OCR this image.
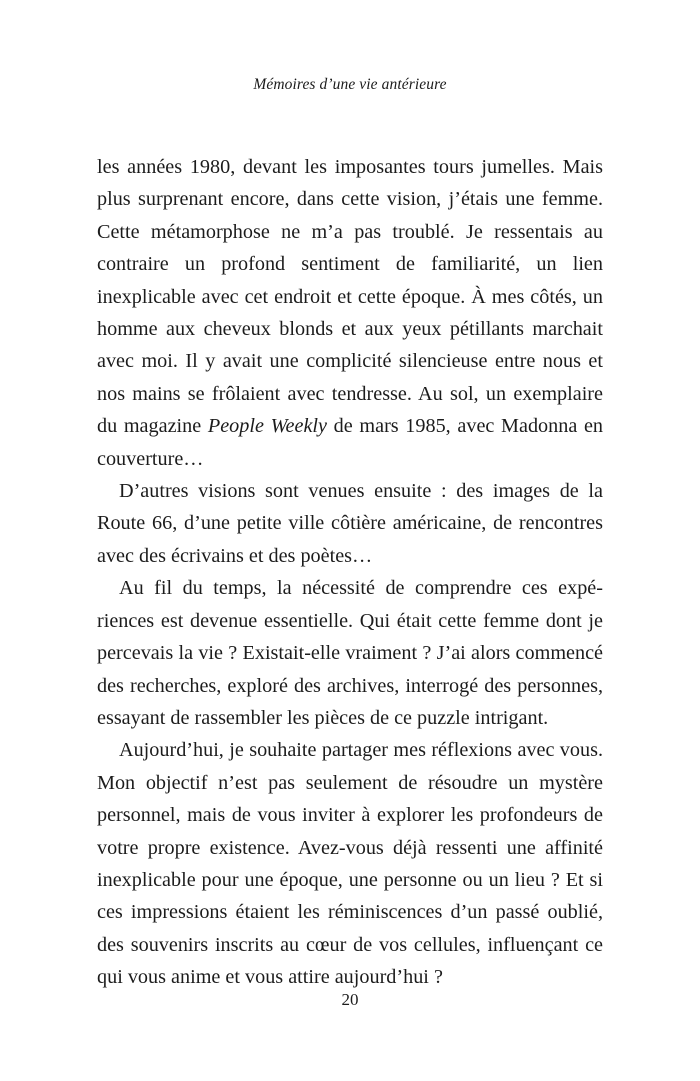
Mémoires d’une vie antérieure

les années 1980, devant les imposantes tours jumelles. Mais plus surprenant encore, dans cette vision, j’étais une femme. Cette métamorphose ne m’a pas troublé. Je ressentais au contraire un profond sentiment de familiarité, un lien inexplicable avec cet endroit et cette époque. À mes côtés, un homme aux cheveux blonds et aux yeux pétillants marchait avec moi. Il y avait une complicité silencieuse entre nous et nos mains se frôlaient avec tendresse. Au sol, un exemplaire du magazine People Weekly de mars 1985, avec Madonna en couverture…

D’autres visions sont venues ensuite : des images de la Route 66, d’une petite ville côtière américaine, de rencontres avec des écrivains et des poètes…

Au fil du temps, la nécessité de comprendre ces expériences est devenue essentielle. Qui était cette femme dont je percevais la vie ? Existait-elle vraiment ? J’ai alors commencé des recherches, exploré des archives, interrogé des personnes, essayant de rassembler les pièces de ce puzzle intrigant.

Aujourd’hui, je souhaite partager mes réflexions avec vous. Mon objectif n’est pas seulement de résoudre un mystère personnel, mais de vous inviter à explorer les profondeurs de votre propre existence. Avez-vous déjà ressenti une affinité inexplicable pour une époque, une personne ou un lieu ? Et si ces impressions étaient les réminiscences d’un passé oublié, des souvenirs inscrits au cœur de vos cellules, influençant ce qui vous anime et vous attire aujourd’hui ?

20
